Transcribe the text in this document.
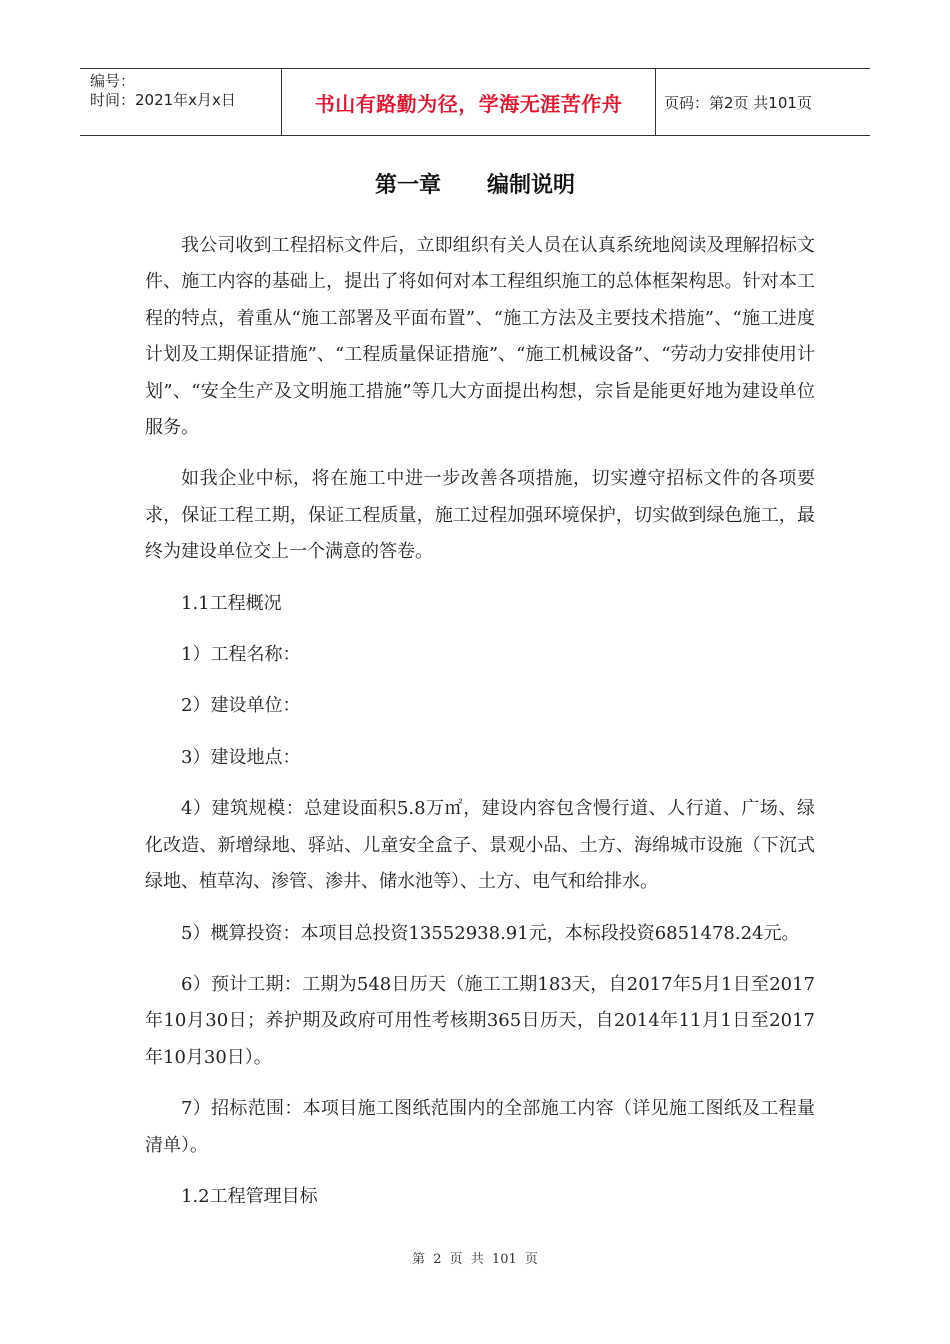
编号：
时间：2021年x月x日	书山有路勤为径，学海无涯苦作舟	页码：第2页 共101页
第一章      编制说明

我公司收到工程招标文件后，立即组织有关人员在认真系统地阅读及理解招标文件、施工内容的基础上，提出了将如何对本工程组织施工的总体框架构思。针对本工程的特点，着重从“施工部署及平面布置”、“施工方法及主要技术措施”、“施工进度计划及工期保证措施”、“工程质量保证措施”、“施工机械设备”、“劳动力安排使用计划”、“安全生产及文明施工措施”等几大方面提出构想，宗旨是能更好地为建设单位服务。

如我企业中标，将在施工中进一步改善各项措施，切实遵守招标文件的各项要求，保证工程工期，保证工程质量，施工过程加强环境保护，切实做到绿色施工，最终为建设单位交上一个满意的答卷。

1.1工程概况

1）工程名称：

2）建设单位：

3）建设地点：

4）建筑规模：总建设面积5.8万㎡，建设内容包含慢行道、人行道、广场、绿化改造、新增绿地、驿站、儿童安全盒子、景观小品、土方、海绵城市设施（下沉式绿地、植草沟、渗管、渗井、储水池等）、土方、电气和给排水。

5）概算投资：本项目总投资13552938.91元，本标段投资6851478.24元。

6）预计工期：工期为548日历天（施工工期183天，自2017年5月1日至2017年10月30日；养护期及政府可用性考核期365日历天，自2014年11月1日至2017年10月30日）。

7）招标范围：本项目施工图纸范围内的全部施工内容（详见施工图纸及工程量清单）。

1.2工程管理目标

第 2 页 共 101 页
